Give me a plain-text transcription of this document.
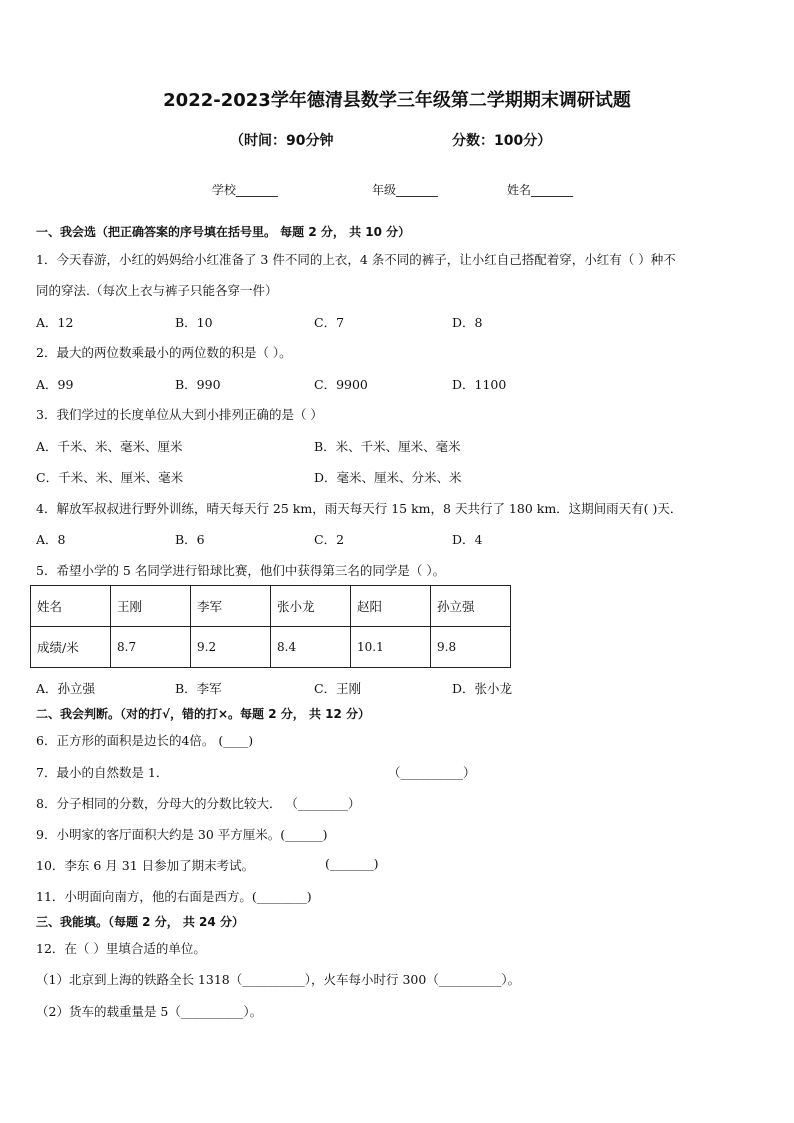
2022-2023学年德清县数学三年级第二学期期末调研试题
（时间：90分钟	分数：100分）
学校_______	年级_______	姓名_______
一、我会选（把正确答案的序号填在括号里。 每题 2 分， 共 10 分）
1．今天春游，小红的妈妈给小红准备了 3 件不同的上衣，4 条不同的裤子，让小红自己搭配着穿，小红有（ ）种不
同的穿法.（每次上衣与裤子只能各穿一件）
A．12	B．10	C．7	D．8
2．最大的两位数乘最小的两位数的积是（ ）。
A．99	B．990	C．9900	D．1100
3．我们学过的长度单位从大到小排列正确的是（ ）
A．千米、米、毫米、厘米	B．米、千米、厘米、毫米
C．千米、米、厘米、毫米	D．毫米、厘米、分米、米
4．解放军叔叔进行野外训练，晴天每天行 25 km，雨天每天行 15 km，8 天共行了 180 km．这期间雨天有( )天．
A．8	B．6	C．2	D．4
5．希望小学的 5 名同学进行铅球比赛，他们中获得第三名的同学是（ ）。
姓名	王刚	李军	张小龙	赵阳	孙立强
成绩/米	8.7	9.2	8.4	10.1	9.8
A．孙立强	B．李军	C．王刚	D．张小龙
二、我会判断。（对的打√，错的打×。每题 2 分， 共 12 分）
6．正方形的面积是边长的4倍。 (____)
7．最小的自然数是 1．	（__________）
8．分子相同的分数，分母大的分数比较大． （________）
9．小明家的客厅面积大约是 30 平方厘米。(______)
10．李东 6 月 31 日参加了期末考试。	(_______)
11．小明面向南方，他的右面是西方。(________)
三、我能填。（每题 2 分， 共 24 分）
12．在（ ）里填合适的单位。
（1）北京到上海的铁路全长 1318（__________），火车每小时行 300（__________）。
（2）货车的载重量是 5（__________）。
